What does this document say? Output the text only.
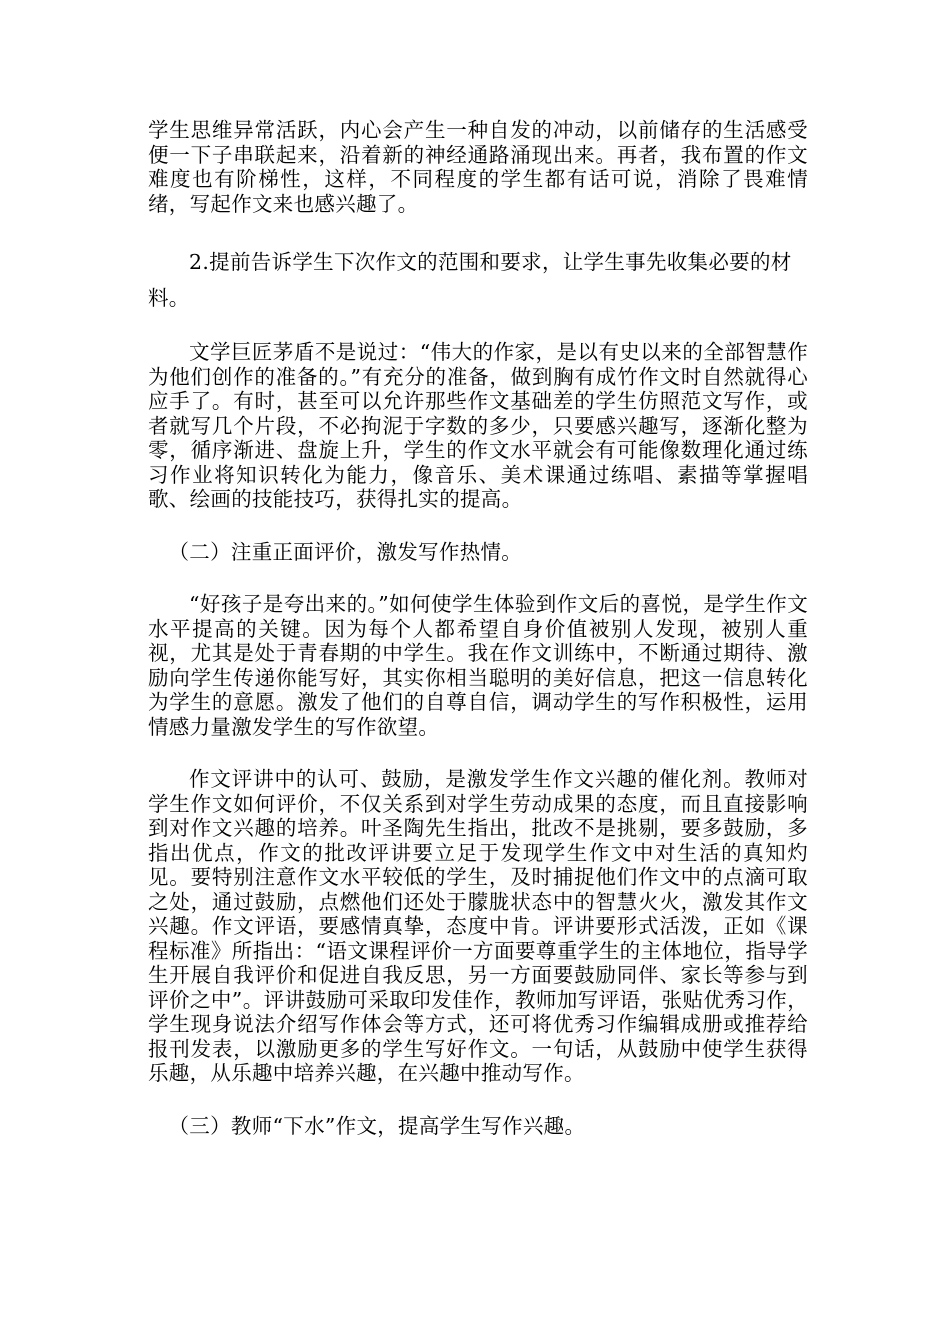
学生思维异常活跃，内心会产生一种自发的冲动，以前储存的生活感受便一下子串联起来，沿着新的神经通路涌现出来。再者，我布置的作文难度也有阶梯性，这样，不同程度的学生都有话可说，消除了畏难情绪，写起作文来也感兴趣了。

2.提前告诉学生下次作文的范围和要求，让学生事先收集必要的材料。

文学巨匠茅盾不是说过：“伟大的作家，是以有史以来的全部智慧作为他们创作的准备的。”有充分的准备，做到胸有成竹作文时自然就得心应手了。有时，甚至可以允许那些作文基础差的学生仿照范文写作，或者就写几个片段，不必拘泥于字数的多少，只要感兴趣写，逐渐化整为零，循序渐进、盘旋上升，学生的作文水平就会有可能像数理化通过练习作业将知识转化为能力，像音乐、美术课通过练唱、素描等掌握唱歌、绘画的技能技巧，获得扎实的提高。

（二）注重正面评价，激发写作热情。

“好孩子是夸出来的。”如何使学生体验到作文后的喜悦，是学生作文水平提高的关键。因为每个人都希望自身价值被别人发现，被别人重视，尤其是处于青春期的中学生。我在作文训练中，不断通过期待、激励向学生传递你能写好，其实你相当聪明的美好信息，把这一信息转化为学生的意愿。激发了他们的自尊自信，调动学生的写作积极性，运用情感力量激发学生的写作欲望。

作文评讲中的认可、鼓励，是激发学生作文兴趣的催化剂。教师对学生作文如何评价，不仅关系到对学生劳动成果的态度，而且直接影响到对作文兴趣的培养。叶圣陶先生指出，批改不是挑剔，要多鼓励，多指出优点，作文的批改评讲要立足于发现学生作文中对生活的真知灼见。要特别注意作文水平较低的学生，及时捕捉他们作文中的点滴可取之处，通过鼓励，点燃他们还处于朦胧状态中的智慧火火，激发其作文兴趣。作文评语，要感情真挚，态度中肯。评讲要形式活泼，正如《课程标准》所指出：“语文课程评价一方面要尊重学生的主体地位，指导学生开展自我评价和促进自我反思，另一方面要鼓励同伴、家长等参与到评价之中”。评讲鼓励可采取印发佳作，教师加写评语，张贴优秀习作，学生现身说法介绍写作体会等方式，还可将优秀习作编辑成册或推荐给报刊发表，以激励更多的学生写好作文。一句话，从鼓励中使学生获得乐趣，从乐趣中培养兴趣，在兴趣中推动写作。

（三）教师“下水”作文，提高学生写作兴趣。
